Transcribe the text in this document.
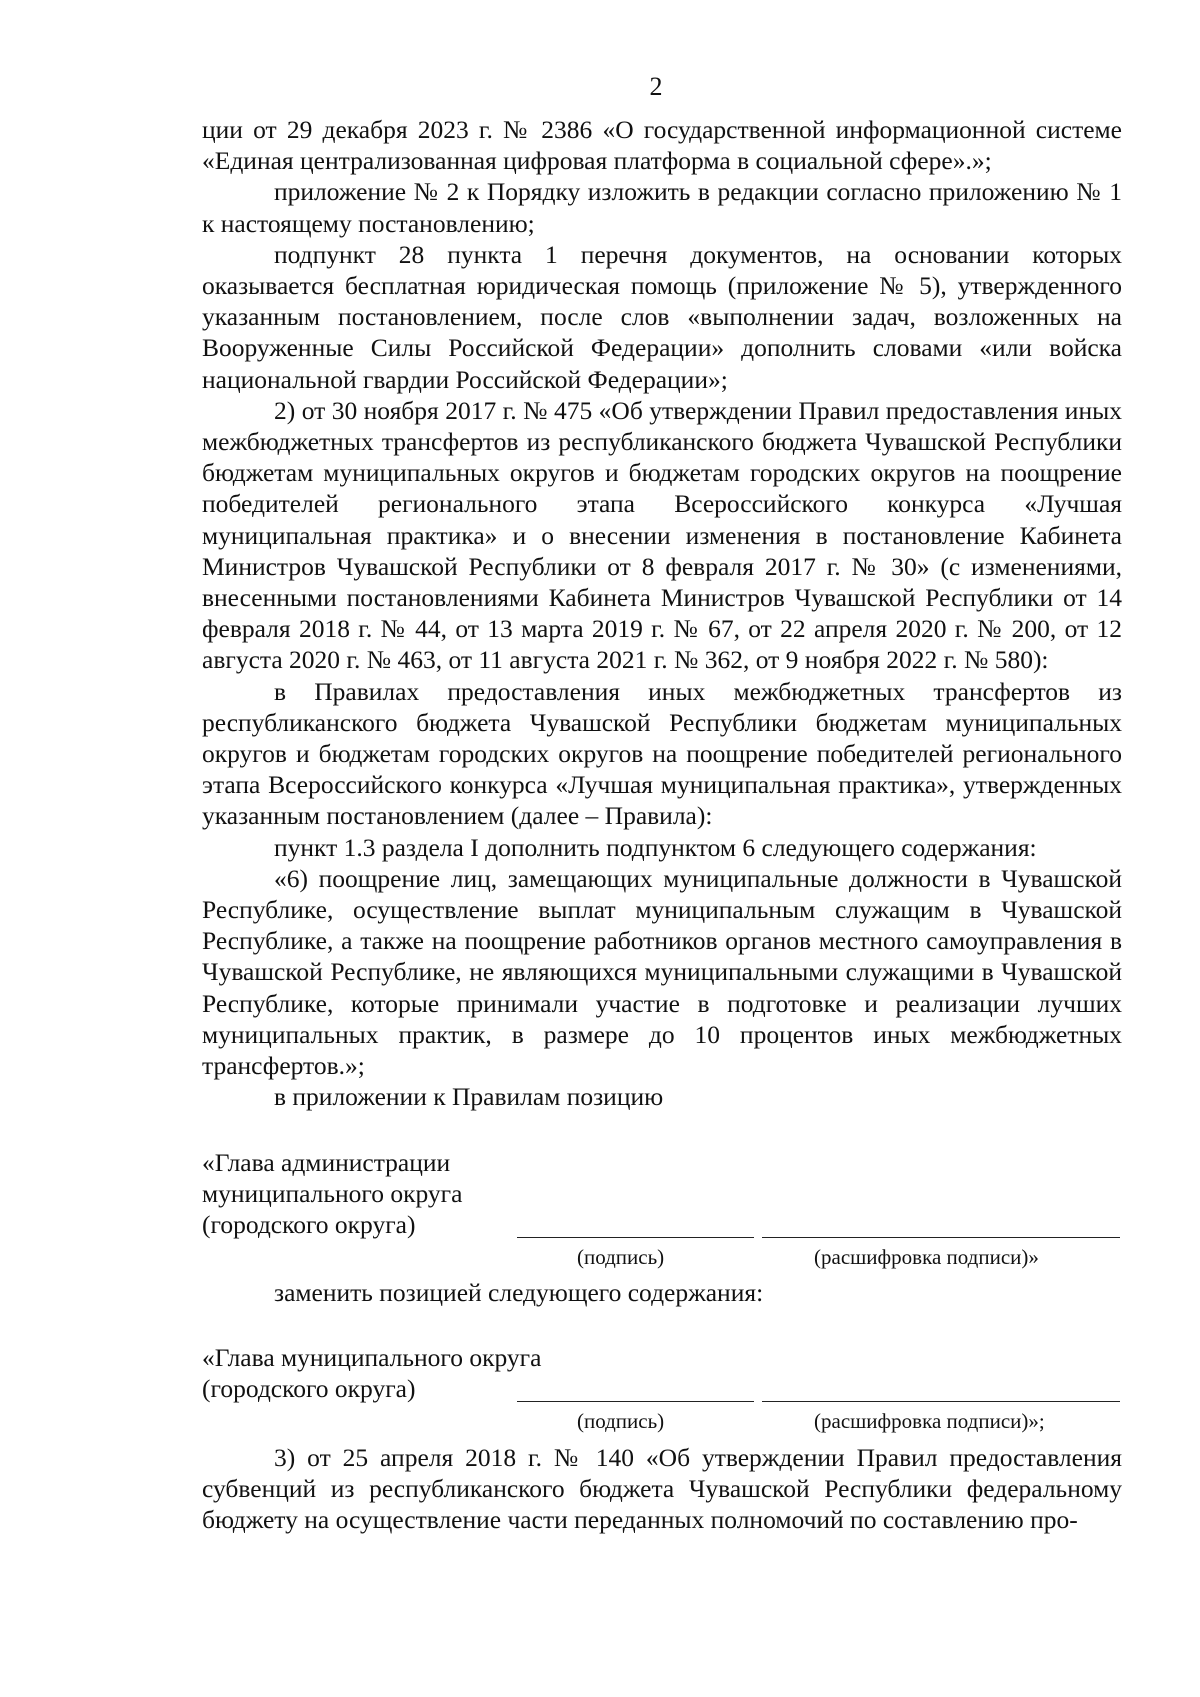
2

ции от 29 декабря 2023 г. № 2386 «О государственной информационной системе «Единая централизованная цифровая платформа в социальной сфере».»;

приложение № 2 к Порядку изложить в редакции согласно приложению № 1 к настоящему постановлению;

подпункт 28 пункта 1 перечня документов, на основании которых оказывается бесплатная юридическая помощь (приложение № 5), утвержденного указанным постановлением, после слов «выполнении задач, возложенных на Вооруженные Силы Российской Федерации» дополнить словами «или войска национальной гвардии Российской Федерации»;

2) от 30 ноября 2017 г. № 475 «Об утверждении Правил предоставления иных межбюджетных трансфертов из республиканского бюджета Чувашской Республики бюджетам муниципальных округов и бюджетам городских округов на поощрение победителей регионального этапа Всероссийского конкурса «Лучшая муниципальная практика» и о внесении изменения в постановление Кабинета Министров Чувашской Республики от 8 февраля 2017 г. № 30» (с изменениями, внесенными постановлениями Кабинета Министров Чувашской Республики от 14 февраля 2018 г. № 44, от 13 марта 2019 г. № 67, от 22 апреля 2020 г. № 200, от 12 августа 2020 г. № 463, от 11 августа 2021 г. № 362, от 9 ноября 2022 г. № 580):

в Правилах предоставления иных межбюджетных трансфертов из республиканского бюджета Чувашской Республики бюджетам муниципальных округов и бюджетам городских округов на поощрение победителей регионального этапа Всероссийского конкурса «Лучшая муниципальная практика», утвержденных указанным постановлением (далее – Правила):

пункт 1.3 раздела I дополнить подпунктом 6 следующего содержания:

«6) поощрение лиц, замещающих муниципальные должности в Чувашской Республике, осуществление выплат муниципальным служащим в Чувашской Республике, а также на поощрение работников органов местного самоуправления в Чувашской Республике, не являющихся муниципальными служащими в Чувашской Республике, которые принимали участие в подготовке и реализации лучших муниципальных практик, в размере до 10 процентов иных межбюджетных трансфертов.»;

в приложении к Правилам позицию

«Глава администрации
муниципального округа
(городского округа)
(подпись)	(расшифровка подписи)»

заменить позицией следующего содержания:

«Глава муниципального округа
(городского округа)
(подпись)	(расшифровка подписи)»;

3) от 25 апреля 2018 г. № 140 «Об утверждении Правил предоставления субвенций из республиканского бюджета Чувашской Республики федеральному бюджету на осуществление части переданных полномочий по составлению про-
